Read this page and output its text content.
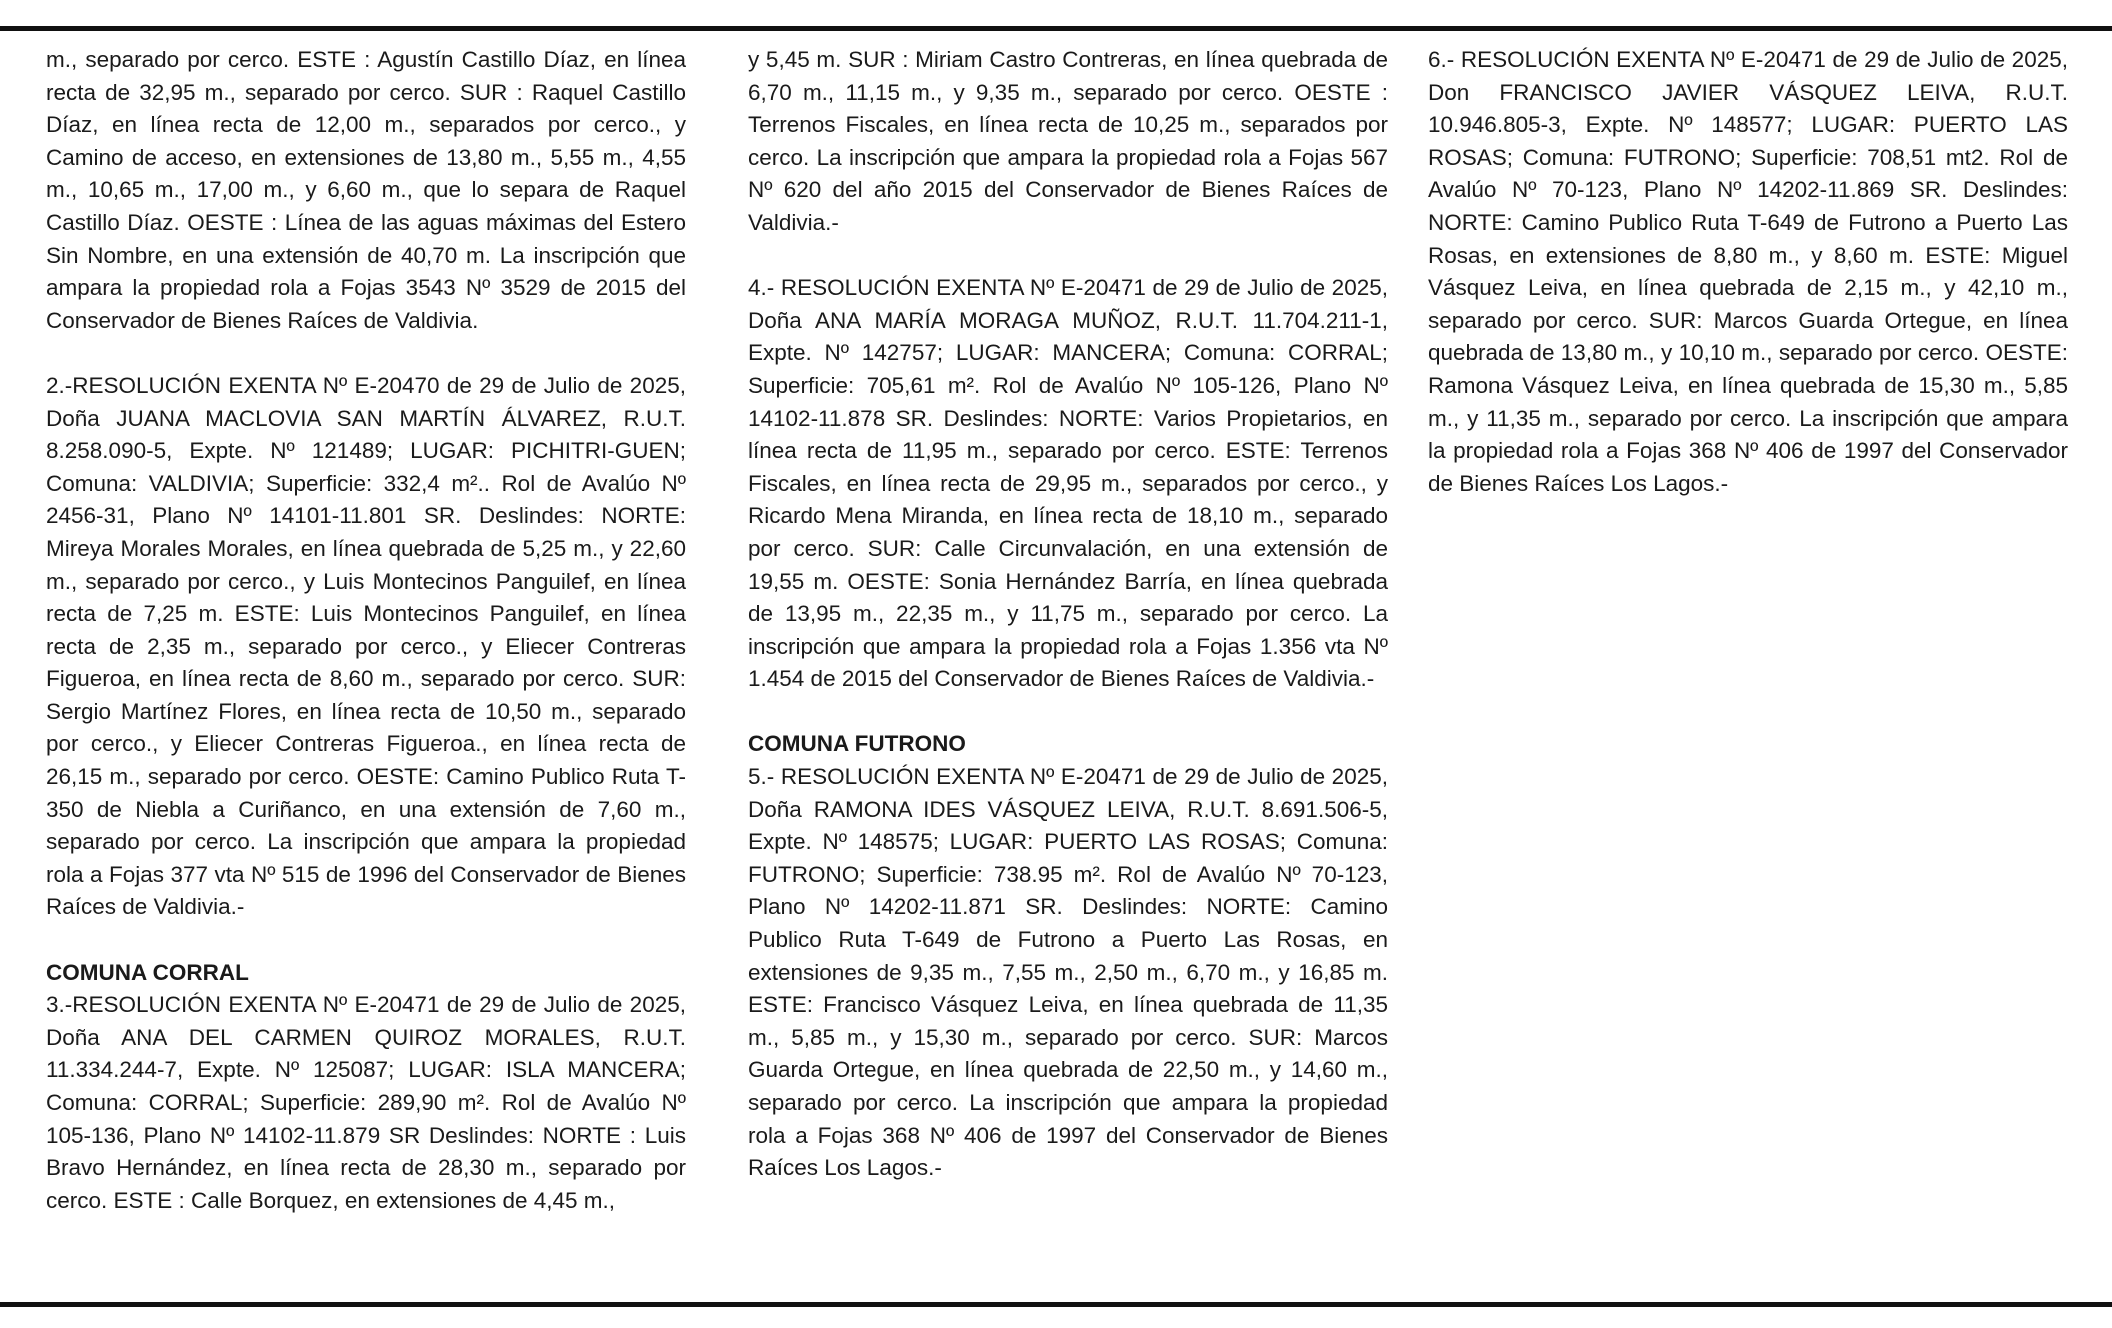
m., separado por cerco. ESTE : Agustín Castillo Díaz, en línea recta de 32,95 m., separado por cerco. SUR : Raquel Castillo Díaz, en línea recta de 12,00 m., separados por cerco., y Camino de acceso, en extensiones de 13,80 m., 5,55 m., 4,55 m., 10,65 m., 17,00 m., y 6,60 m., que lo separa de Raquel Castillo Díaz. OESTE : Línea de las aguas máximas del Estero Sin Nombre, en una extensión de 40,70 m. La inscripción que ampara la propiedad rola a Fojas 3543 Nº 3529 de 2015 del Conservador de Bienes Raíces de Valdivia.

2.-RESOLUCIÓN EXENTA Nº E-20470 de 29 de Julio de 2025, Doña JUANA MACLOVIA SAN MARTÍN ÁLVAREZ, R.U.T. 8.258.090-5, Expte. Nº 121489; LUGAR: PICHITRI-GUEN; Comuna: VALDIVIA; Superficie: 332,4 m².. Rol de Avalúo Nº 2456-31, Plano Nº 14101-11.801 SR. Deslindes: NORTE: Mireya Morales Morales, en línea quebrada de 5,25 m., y 22,60 m., separado por cerco., y Luis Montecinos Panguilef, en línea recta de 7,25 m. ESTE: Luis Montecinos Panguilef, en línea recta de 2,35 m., separado por cerco., y Eliecer Contreras Figueroa, en línea recta de 8,60 m., separado por cerco. SUR: Sergio Martínez Flores, en línea recta de 10,50 m., separado por cerco., y Eliecer Contreras Figueroa., en línea recta de 26,15 m., separado por cerco. OESTE: Camino Publico Ruta T-350 de Niebla a Curiñanco, en una extensión de 7,60 m., separado por cerco. La inscripción que ampara la propiedad rola a Fojas 377 vta Nº 515 de 1996 del Conservador de Bienes Raíces de Valdivia.-

COMUNA CORRAL

3.-RESOLUCIÓN EXENTA Nº E-20471 de 29 de Julio de 2025, Doña ANA DEL CARMEN QUIROZ MORALES, R.U.T. 11.334.244-7, Expte. Nº 125087; LUGAR: ISLA MANCERA; Comuna: CORRAL; Superficie: 289,90 m². Rol de Avalúo Nº 105-136, Plano Nº 14102-11.879 SR Deslindes: NORTE : Luis Bravo Hernández, en línea recta de 28,30 m., separado por cerco. ESTE : Calle Borquez, en extensiones de 4,45 m.,

y 5,45 m. SUR : Miriam Castro Contreras, en línea quebrada de 6,70 m., 11,15 m., y 9,35 m., separado por cerco. OESTE : Terrenos Fiscales, en línea recta de 10,25 m., separados por cerco. La inscripción que ampara la propiedad rola a Fojas 567 Nº 620 del año 2015 del Conservador de Bienes Raíces de Valdivia.-

4.- RESOLUCIÓN EXENTA Nº E-20471 de 29 de Julio de 2025, Doña ANA MARÍA MORAGA MUÑOZ, R.U.T. 11.704.211-1, Expte. Nº 142757; LUGAR: MANCERA; Comuna: CORRAL; Superficie: 705,61 m². Rol de Avalúo Nº 105-126, Plano Nº 14102-11.878 SR. Deslindes: NORTE: Varios Propietarios, en línea recta de 11,95 m., separado por cerco. ESTE: Terrenos Fiscales, en línea recta de 29,95 m., separados por cerco., y Ricardo Mena Miranda, en línea recta de 18,10 m., separado por cerco. SUR: Calle Circunvalación, en una extensión de 19,55 m. OESTE: Sonia Hernández Barría, en línea quebrada de 13,95 m., 22,35 m., y 11,75 m., separado por cerco. La inscripción que ampara la propiedad rola a Fojas 1.356 vta Nº 1.454 de 2015 del Conservador de Bienes Raíces de Valdivia.-

COMUNA FUTRONO

5.- RESOLUCIÓN EXENTA Nº E-20471 de 29 de Julio de 2025, Doña RAMONA IDES VÁSQUEZ LEIVA, R.U.T. 8.691.506-5, Expte. Nº 148575; LUGAR: PUERTO LAS ROSAS; Comuna: FUTRONO; Superficie: 738.95 m². Rol de Avalúo Nº 70-123, Plano Nº 14202-11.871 SR. Deslindes: NORTE: Camino Publico Ruta T-649 de Futrono a Puerto Las Rosas, en extensiones de 9,35 m., 7,55 m., 2,50 m., 6,70 m., y 16,85 m. ESTE: Francisco Vásquez Leiva, en línea quebrada de 11,35 m., 5,85 m., y 15,30 m., separado por cerco. SUR: Marcos Guarda Ortegue, en línea quebrada de 22,50 m., y 14,60 m., separado por cerco. La inscripción que ampara la propiedad rola a Fojas 368 Nº 406 de 1997 del Conservador de Bienes Raíces Los Lagos.-

6.- RESOLUCIÓN EXENTA Nº E-20471 de 29 de Julio de 2025, Don FRANCISCO JAVIER VÁSQUEZ LEIVA, R.U.T. 10.946.805-3, Expte. Nº 148577; LUGAR: PUERTO LAS ROSAS; Comuna: FUTRONO; Superficie: 708,51 mt2. Rol de Avalúo Nº 70-123, Plano Nº 14202-11.869 SR. Deslindes: NORTE: Camino Publico Ruta T-649 de Futrono a Puerto Las Rosas, en extensiones de 8,80 m., y 8,60 m. ESTE: Miguel Vásquez Leiva, en línea quebrada de 2,15 m., y 42,10 m., separado por cerco. SUR: Marcos Guarda Ortegue, en línea quebrada de 13,80 m., y 10,10 m., separado por cerco. OESTE: Ramona Vásquez Leiva, en línea quebrada de 15,30 m., 5,85 m., y 11,35 m., separado por cerco. La inscripción que ampara la propiedad rola a Fojas 368 Nº 406 de 1997 del Conservador de Bienes Raíces Los Lagos.-
